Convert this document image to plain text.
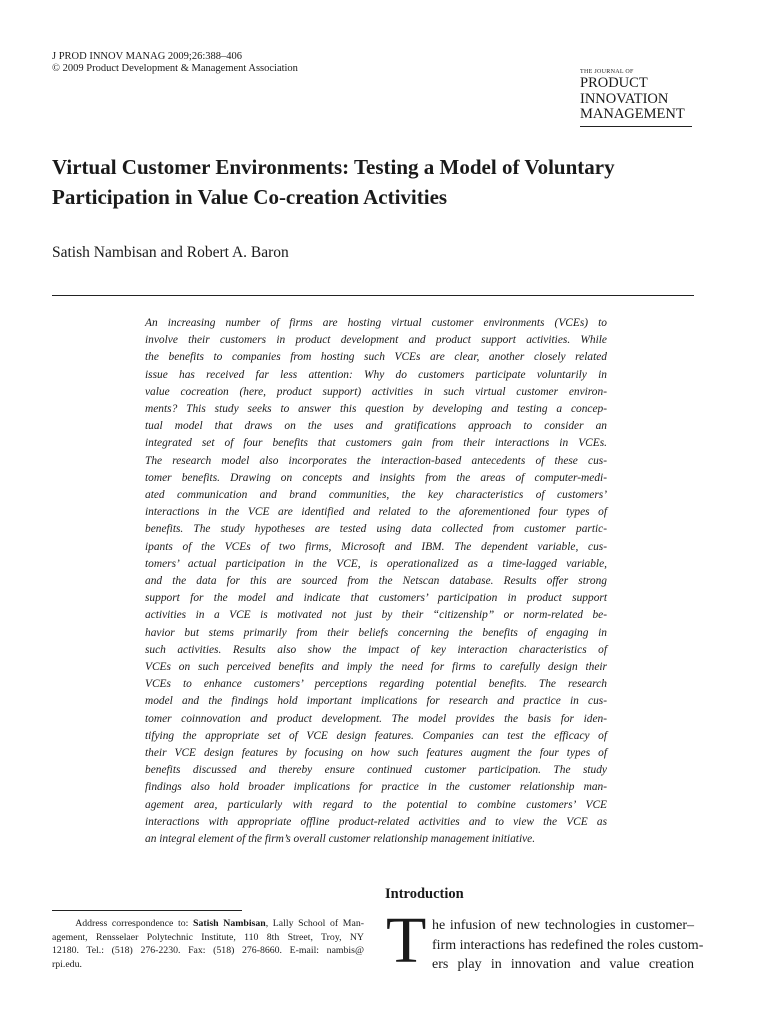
J PROD INNOV MANAG 2009;26:388–406
© 2009 Product Development & Management Association	THE JOURNAL OF
PRODUCT
INNOVATION
MANAGEMENT
Virtual Customer Environments: Testing a Model of Voluntary
Participation in Value Co-creation Activities
Satish Nambisan and Robert A. Baron
An increasing number of firms are hosting virtual customer environments (VCEs) to
involve their customers in product development and product support activities. While
the benefits to companies from hosting such VCEs are clear, another closely related
issue has received far less attention: Why do customers participate voluntarily in
value cocreation (here, product support) activities in such virtual customer environ-
ments? This study seeks to answer this question by developing and testing a concep-
tual model that draws on the uses and gratifications approach to consider an
integrated set of four benefits that customers gain from their interactions in VCEs.
The research model also incorporates the interaction-based antecedents of these cus-
tomer benefits. Drawing on concepts and insights from the areas of computer-medi-
ated communication and brand communities, the key characteristics of customers’
interactions in the VCE are identified and related to the aforementioned four types of
benefits. The study hypotheses are tested using data collected from customer partic-
ipants of the VCEs of two firms, Microsoft and IBM. The dependent variable, cus-
tomers’ actual participation in the VCE, is operationalized as a time-lagged variable,
and the data for this are sourced from the Netscan database. Results offer strong
support for the model and indicate that customers’ participation in product support
activities in a VCE is motivated not just by their “citizenship” or norm-related be-
havior but stems primarily from their beliefs concerning the benefits of engaging in
such activities. Results also show the impact of key interaction characteristics of
VCEs on such perceived benefits and imply the need for firms to carefully design their
VCEs to enhance customers’ perceptions regarding potential benefits. The research
model and the findings hold important implications for research and practice in cus-
tomer coinnovation and product development. The model provides the basis for iden-
tifying the appropriate set of VCE design features. Companies can test the efficacy of
their VCE design features by focusing on how such features augment the four types of
benefits discussed and thereby ensure continued customer participation. The study
findings also hold broader implications for practice in the customer relationship man-
agement area, particularly with regard to the potential to combine customers’ VCE
interactions with appropriate offline product-related activities and to view the VCE as
an integral element of the firm’s overall customer relationship management initiative.
Introduction
Address correspondence to: Satish Nambisan, Lally School of Man-
agement, Rensselaer Polytechnic Institute, 110 8th Street, Troy, NY
12180. Tel.: (518) 276-2230. Fax: (518) 276-8660. E-mail: nambis@
rpi.edu.	T he infusion of new technologies in customer–
firm interactions has redefined the roles custom-
ers play in innovation and value creation
